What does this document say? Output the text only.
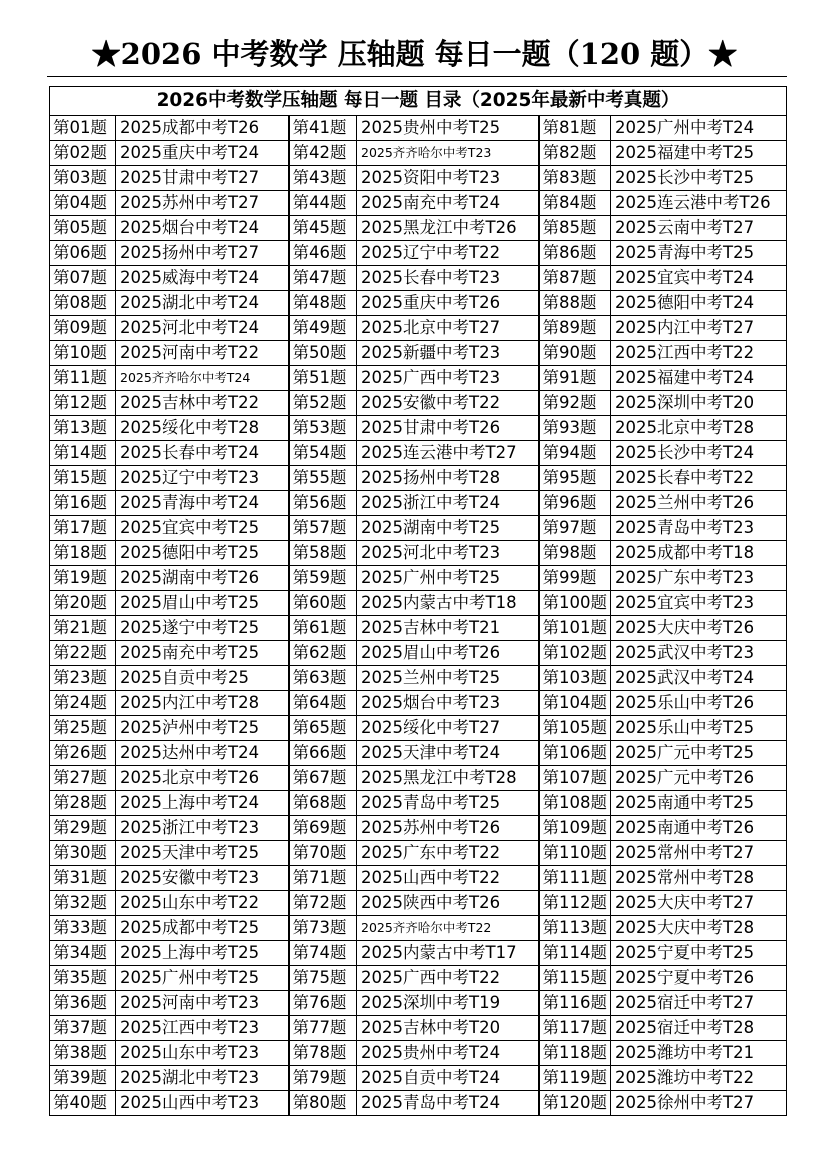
★2026 中考数学 压轴题 每日一题（120 题）★
2026中考数学压轴题 每日一题 目录（2025年最新中考真题）					
第01题	2025成都中考T26	第41题	2025贵州中考T25	第81题	2025广州中考T24
第02题	2025重庆中考T24	第42题	2025齐齐哈尔中考T23	第82题	2025福建中考T25
第03题	2025甘肃中考T27	第43题	2025资阳中考T23	第83题	2025长沙中考T25
第04题	2025苏州中考T27	第44题	2025南充中考T24	第84题	2025连云港中考T26
第05题	2025烟台中考T24	第45题	2025黑龙江中考T26	第85题	2025云南中考T27
第06题	2025扬州中考T27	第46题	2025辽宁中考T22	第86题	2025青海中考T25
第07题	2025威海中考T24	第47题	2025长春中考T23	第87题	2025宜宾中考T24
第08题	2025湖北中考T24	第48题	2025重庆中考T26	第88题	2025德阳中考T24
第09题	2025河北中考T24	第49题	2025北京中考T27	第89题	2025内江中考T27
第10题	2025河南中考T22	第50题	2025新疆中考T23	第90题	2025江西中考T22
第11题	2025齐齐哈尔中考T24	第51题	2025广西中考T23	第91题	2025福建中考T24
第12题	2025吉林中考T22	第52题	2025安徽中考T22	第92题	2025深圳中考T20
第13题	2025绥化中考T28	第53题	2025甘肃中考T26	第93题	2025北京中考T28
第14题	2025长春中考T24	第54题	2025连云港中考T27	第94题	2025长沙中考T24
第15题	2025辽宁中考T23	第55题	2025扬州中考T28	第95题	2025长春中考T22
第16题	2025青海中考T24	第56题	2025浙江中考T24	第96题	2025兰州中考T26
第17题	2025宜宾中考T25	第57题	2025湖南中考T25	第97题	2025青岛中考T23
第18题	2025德阳中考T25	第58题	2025河北中考T23	第98题	2025成都中考T18
第19题	2025湖南中考T26	第59题	2025广州中考T25	第99题	2025广东中考T23
第20题	2025眉山中考T25	第60题	2025内蒙古中考T18	第100题	2025宜宾中考T23
第21题	2025遂宁中考T25	第61题	2025吉林中考T21	第101题	2025大庆中考T26
第22题	2025南充中考T25	第62题	2025眉山中考T26	第102题	2025武汉中考T23
第23题	2025自贡中考25	第63题	2025兰州中考T25	第103题	2025武汉中考T24
第24题	2025内江中考T28	第64题	2025烟台中考T23	第104题	2025乐山中考T26
第25题	2025泸州中考T25	第65题	2025绥化中考T27	第105题	2025乐山中考T25
第26题	2025达州中考T24	第66题	2025天津中考T24	第106题	2025广元中考T25
第27题	2025北京中考T26	第67题	2025黑龙江中考T28	第107题	2025广元中考T26
第28题	2025上海中考T24	第68题	2025青岛中考T25	第108题	2025南通中考T25
第29题	2025浙江中考T23	第69题	2025苏州中考T26	第109题	2025南通中考T26
第30题	2025天津中考T25	第70题	2025广东中考T22	第110题	2025常州中考T27
第31题	2025安徽中考T23	第71题	2025山西中考T22	第111题	2025常州中考T28
第32题	2025山东中考T22	第72题	2025陕西中考T26	第112题	2025大庆中考T27
第33题	2025成都中考T25	第73题	2025齐齐哈尔中考T22	第113题	2025大庆中考T28
第34题	2025上海中考T25	第74题	2025内蒙古中考T17	第114题	2025宁夏中考T25
第35题	2025广州中考T25	第75题	2025广西中考T22	第115题	2025宁夏中考T26
第36题	2025河南中考T23	第76题	2025深圳中考T19	第116题	2025宿迁中考T27
第37题	2025江西中考T23	第77题	2025吉林中考T20	第117题	2025宿迁中考T28
第38题	2025山东中考T23	第78题	2025贵州中考T24	第118题	2025潍坊中考T21
第39题	2025湖北中考T23	第79题	2025自贡中考T24	第119题	2025潍坊中考T22
第40题	2025山西中考T23	第80题	2025青岛中考T24	第120题	2025徐州中考T27
